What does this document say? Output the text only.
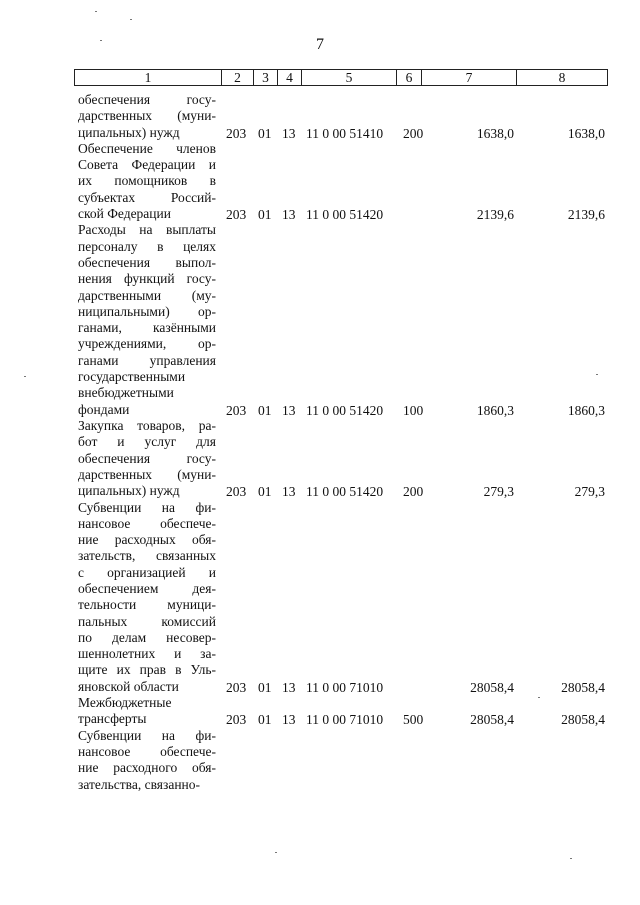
7
1	2	3	4	5	6	7	8
обеспечения госу-
дарственных (муни-
ципальных) нужд	203 01 13 11 0 00 51410 200	1638,0	1638,0
Обеспечение членов
Совета Федерации и
их помощников в
субъектах Россий-
ской Федерации	203 01 13 11 0 00 51420	2139,6	2139,6
Расходы на выплаты
персоналу в целях
обеспечения выпол-
нения функций госу-
дарственными (му-
ниципальными) ор-
ганами, казёнными
учреждениями, ор-
ганами управления
государственными
внебюджетными
фондами	203 01 13 11 0 00 51420 100	1860,3	1860,3
Закупка товаров, ра-
бот и услуг для
обеспечения госу-
дарственных (муни-
ципальных) нужд	203 01 13 11 0 00 51420 200	279,3	279,3
Субвенции на фи-
нансовое обеспече-
ние расходных обя-
зательств, связанных
с организацией и
обеспечением дея-
тельности муници-
пальных комиссий
по делам несовер-
шеннолетних и за-
щите их прав в Уль-
яновской области	203 01 13 11 0 00 71010	28058,4	28058,4
Межбюджетные
трансферты	203 01 13 11 0 00 71010 500	28058,4	28058,4
Субвенции на фи-
нансовое обеспече-
ние расходного обя-
зательства, связанно-
